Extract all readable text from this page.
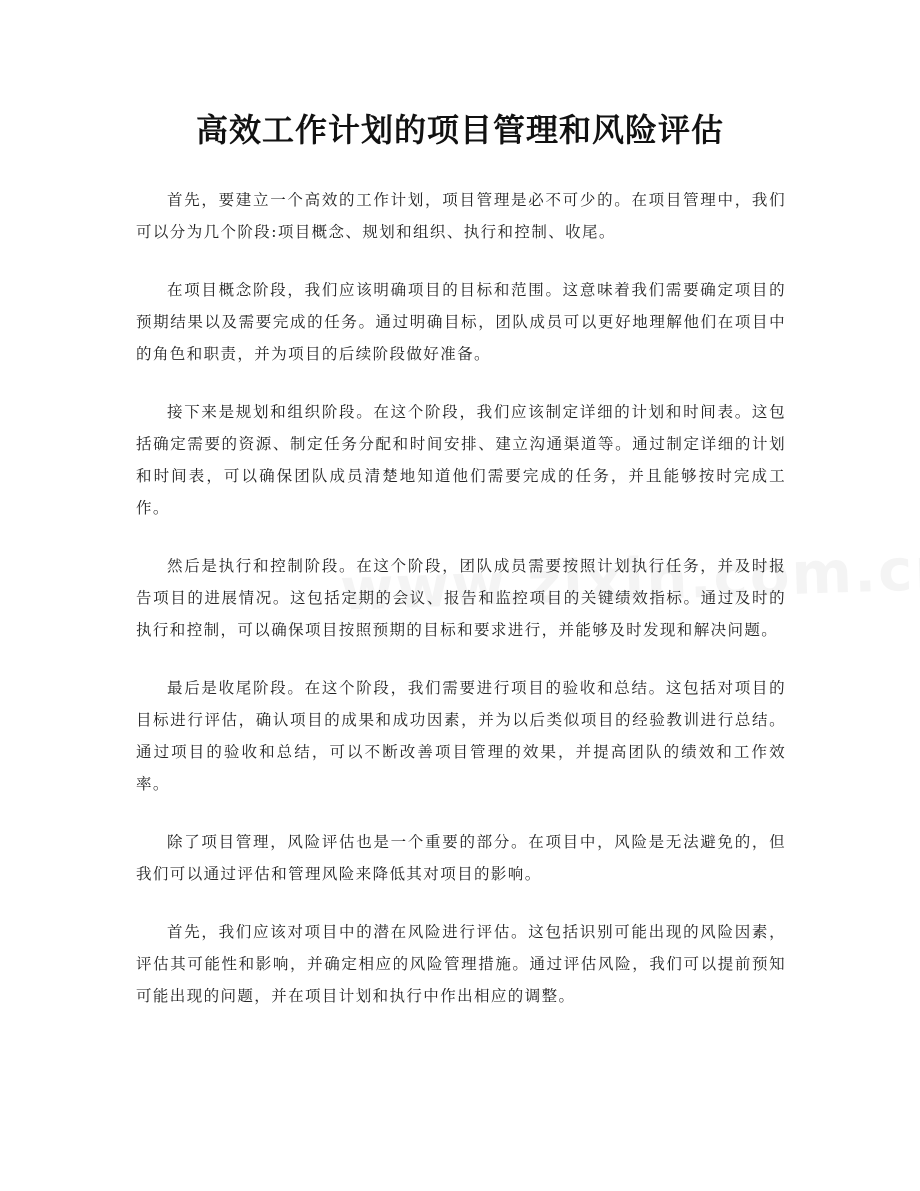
高效工作计划的项目管理和风险评估

首先，要建立一个高效的工作计划，项目管理是必不可少的。在项目管理中，我们可以分为几个阶段:项目概念、规划和组织、执行和控制、收尾。

在项目概念阶段，我们应该明确项目的目标和范围。这意味着我们需要确定项目的预期结果以及需要完成的任务。通过明确目标，团队成员可以更好地理解他们在项目中的角色和职责，并为项目的后续阶段做好准备。

接下来是规划和组织阶段。在这个阶段，我们应该制定详细的计划和时间表。这包括确定需要的资源、制定任务分配和时间安排、建立沟通渠道等。通过制定详细的计划和时间表，可以确保团队成员清楚地知道他们需要完成的任务，并且能够按时完成工作。

然后是执行和控制阶段。在这个阶段，团队成员需要按照计划执行任务，并及时报告项目的进展情况。这包括定期的会议、报告和监控项目的关键绩效指标。通过及时的执行和控制，可以确保项目按照预期的目标和要求进行，并能够及时发现和解决问题。

最后是收尾阶段。在这个阶段，我们需要进行项目的验收和总结。这包括对项目的目标进行评估，确认项目的成果和成功因素，并为以后类似项目的经验教训进行总结。通过项目的验收和总结，可以不断改善项目管理的效果，并提高团队的绩效和工作效率。

除了项目管理，风险评估也是一个重要的部分。在项目中，风险是无法避免的，但我们可以通过评估和管理风险来降低其对项目的影响。

首先，我们应该对项目中的潜在风险进行评估。这包括识别可能出现的风险因素，评估其可能性和影响，并确定相应的风险管理措施。通过评估风险，我们可以提前预知可能出现的问题，并在项目计划和执行中作出相应的调整。
